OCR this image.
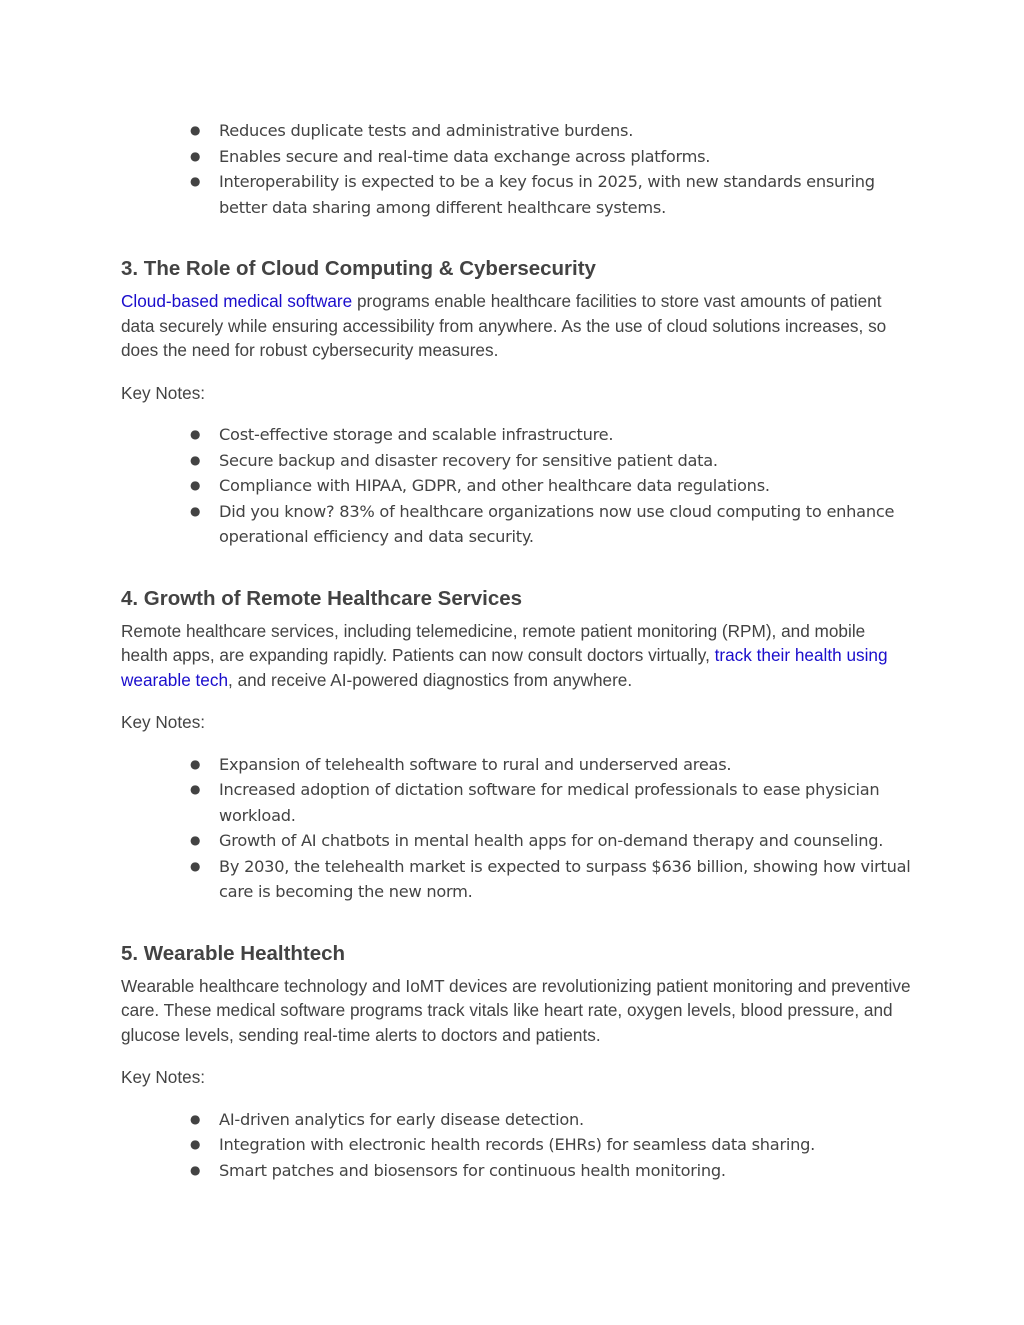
● Reduces duplicate tests and administrative burdens.
● Enables secure and real-time data exchange across platforms.
● Interoperability is expected to be a key focus in 2025, with new standards ensuring better data sharing among different healthcare systems.
3. The Role of Cloud Computing & Cybersecurity

Cloud-based medical software programs enable healthcare facilities to store vast amounts of patient data securely while ensuring accessibility from anywhere. As the use of cloud solutions increases, so does the need for robust cybersecurity measures.

Key Notes:

● Cost-effective storage and scalable infrastructure.
● Secure backup and disaster recovery for sensitive patient data.
● Compliance with HIPAA, GDPR, and other healthcare data regulations.
● Did you know? 83% of healthcare organizations now use cloud computing to enhance operational efficiency and data security.
4. Growth of Remote Healthcare Services

Remote healthcare services, including telemedicine, remote patient monitoring (RPM), and mobile health apps, are expanding rapidly. Patients can now consult doctors virtually, track their health using wearable tech, and receive AI-powered diagnostics from anywhere.

Key Notes:

● Expansion of telehealth software to rural and underserved areas.
● Increased adoption of dictation software for medical professionals to ease physician workload.
● Growth of AI chatbots in mental health apps for on-demand therapy and counseling.
● By 2030, the telehealth market is expected to surpass $636 billion, showing how virtual care is becoming the new norm.
5. Wearable Healthtech

Wearable healthcare technology and IoMT devices are revolutionizing patient monitoring and preventive care. These medical software programs track vitals like heart rate, oxygen levels, blood pressure, and glucose levels, sending real-time alerts to doctors and patients.

Key Notes:

● AI-driven analytics for early disease detection.
● Integration with electronic health records (EHRs) for seamless data sharing.
● Smart patches and biosensors for continuous health monitoring.
